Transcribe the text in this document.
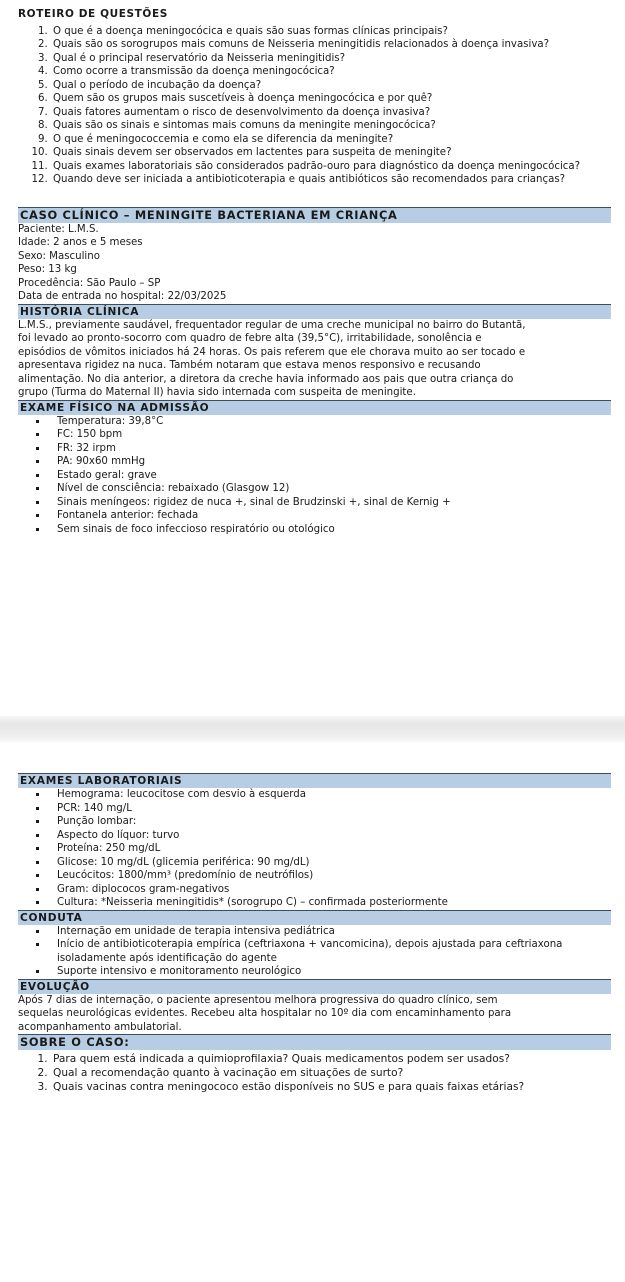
ROTEIRO DE QUESTÕES
1. O que é a doença meningocócica e quais são suas formas clínicas principais?
2. Quais são os sorogrupos mais comuns de Neisseria meningitidis relacionados à doença invasiva?
3. Qual é o principal reservatório da Neisseria meningitidis?
4. Como ocorre a transmissão da doença meningocócica?
5. Qual o período de incubação da doença?
6. Quem são os grupos mais suscetíveis à doença meningocócica e por quê?
7. Quais fatores aumentam o risco de desenvolvimento da doença invasiva?
8. Quais são os sinais e sintomas mais comuns da meningite meningocócica?
9. O que é meningococcemia e como ela se diferencia da meningite?
10. Quais sinais devem ser observados em lactentes para suspeita de meningite?
11. Quais exames laboratoriais são considerados padrão-ouro para diagnóstico da doença meningocócica?
12. Quando deve ser iniciada a antibioticoterapia e quais antibióticos são recomendados para crianças?
CASO CLÍNICO – MENINGITE BACTERIANA EM CRIANÇA
Paciente: L.M.S.
Idade: 2 anos e 5 meses
Sexo: Masculino
Peso: 13 kg
Procedência: São Paulo – SP
Data de entrada no hospital: 22/03/2025
HISTÓRIA CLÍNICA
L.M.S., previamente saudável, frequentador regular de uma creche municipal no bairro do Butantã,
foi levado ao pronto-socorro com quadro de febre alta (39,5°C), irritabilidade, sonolência e
episódios de vômitos iniciados há 24 horas. Os pais referem que ele chorava muito ao ser tocado e
apresentava rigidez na nuca. Também notaram que estava menos responsivo e recusando
alimentação. No dia anterior, a diretora da creche havia informado aos pais que outra criança do
grupo (Turma do Maternal II) havia sido internada com suspeita de meningite.
EXAME FÍSICO NA ADMISSÃO
Temperatura: 39,8°C
FC: 150 bpm
FR: 32 irpm
PA: 90x60 mmHg
Estado geral: grave
Nível de consciência: rebaixado (Glasgow 12)
Sinais meníngeos: rigidez de nuca +, sinal de Brudzinski +, sinal de Kernig +
Fontanela anterior: fechada
Sem sinais de foco infeccioso respiratório ou otológico
EXAMES LABORATORIAIS
Hemograma: leucocitose com desvio à esquerda
PCR: 140 mg/L
Punção lombar:
Aspecto do líquor: turvo
Proteína: 250 mg/dL
Glicose: 10 mg/dL (glicemia periférica: 90 mg/dL)
Leucócitos: 1800/mm³ (predomínio de neutrófilos)
Gram: diplococos gram-negativos
Cultura: *Neisseria meningitidis* (sorogrupo C) – confirmada posteriormente
CONDUTA
Internação em unidade de terapia intensiva pediátrica
Início de antibioticoterapia empírica (ceftriaxona + vancomicina), depois ajustada para ceftriaxona isoladamente após identificação do agente
Suporte intensivo e monitoramento neurológico
EVOLUÇÃO
Após 7 dias de internação, o paciente apresentou melhora progressiva do quadro clínico, sem
sequelas neurológicas evidentes. Recebeu alta hospitalar no 10º dia com encaminhamento para
acompanhamento ambulatorial.
SOBRE O CASO:
1. Para quem está indicada a quimioprofilaxia? Quais medicamentos podem ser usados?
2. Qual a recomendação quanto à vacinação em situações de surto?
3. Quais vacinas contra meningococo estão disponíveis no SUS e para quais faixas etárias?
